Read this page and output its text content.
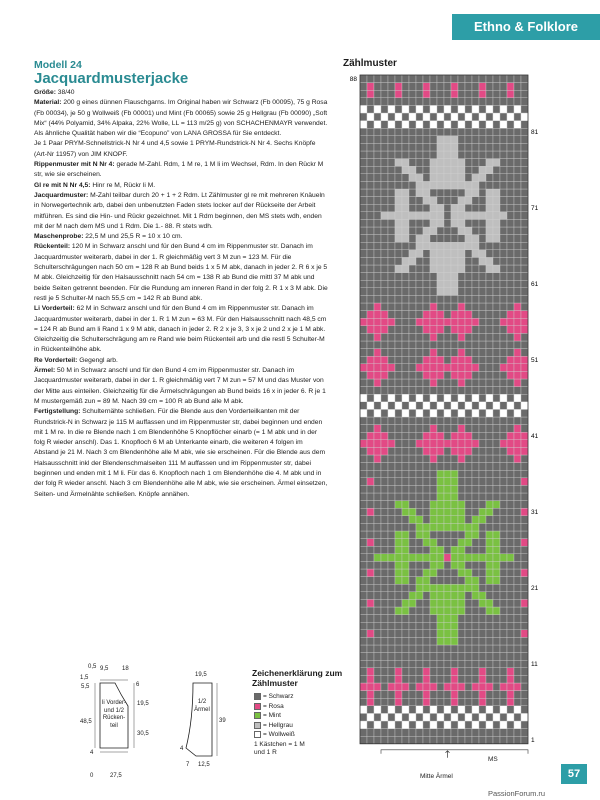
Ethno & Folklore
Modell 24
Jacquardmusterjacke

Größe: 38/40

Material: 200 g eines dünnen Flauschgarns. Im Original haben wir Schwarz (Fb 00095), 75 g Rosa (Fb 00034), je 50 g Wollweiß (Fb 00001) und Mint (Fb 00065) sowie 25 g Hellgrau (Fb 00090) „Soft Mix“ (44% Polyamid, 34% Alpaka, 22% Wolle, LL = 113 m/25 g) von SCHACHENMAYR verwendet. Als ähnliche Qualität haben wir die “Ecopuno” von LANA GROSSA für Sie entdeckt.

Je 1 Paar PRYM-Schnellstrick-N Nr 4 und 4,5 sowie 1 PRYM-Rundstrick-N Nr 4. Sechs Knöpfe (Art-Nr 11957) von JIM KNOPF.

Rippenmuster mit N Nr 4: gerade M-Zahl. Rdm, 1 M re, 1 M li im Wechsel, Rdm. In den Rückr M str, wie sie erscheinen.

Gl re mit N Nr 4,5: Hinr re M, Rückr li M.

Jacquardmuster: M-Zahl teilbar durch 20 + 1 + 2 Rdm. Lt Zählmuster gl re mit mehreren Knäueln in Norwegertechnik arb, dabei den unbenutzten Faden stets locker auf der Rückseite der Arbeit mitführen. Es sind die Hin- und Rückr gezeichnet. Mit 1 Rdm beginnen, den MS stets wdh, enden mit der M nach dem MS und 1 Rdm. Die 1.- 88. R stets wdh.

Maschenprobe: 22,5 M und 25,5 R = 10 x 10 cm.

Rückenteil: 120 M in Schwarz anschl und für den Bund 4 cm im Rippenmuster str. Danach im Jacquardmuster weiterarb, dabei in der 1. R gleichmäßig vert 3 M zun = 123 M. Für die Schulterschrägungen nach 50 cm = 128 R ab Bund beids 1 x 5 M abk, danach in jeder 2. R 6 x je 5 M abk. Gleichzeitig für den Halsausschnitt nach 54 cm = 138 R ab Bund die mittl 37 M abk und beide Seiten getrennt beenden. Für die Rundung am inneren Rand in der folg 2. R 1 x 3 M abk. Die restl je 5 Schulter-M nach 55,5 cm = 142 R ab Bund abk.

Li Vorderteil: 62 M in Schwarz anschl und für den Bund 4 cm im Rippenmuster str. Danach im Jacquardmuster weiterarb, dabei in der 1. R 1 M zun = 63 M. Für den Halsausschnitt nach 48,5 cm = 124 R ab Bund am li Rand 1 x 9 M abk, danach in jeder 2. R 2 x je 3, 3 x je 2 und 2 x je 1 M abk. Gleichzeitig die Schulterschrägung am re Rand wie beim Rückenteil arb und die restl 5 Schulter-M in Rückenteilhöhe abk.

Re Vorderteil: Gegengl arb.

Ärmel: 50 M in Schwarz anschl und für den Bund 4 cm im Rippenmuster str. Danach im Jacquardmuster weiterarb, dabei in der 1. R gleichmäßig vert 7 M zun = 57 M und das Muster von der Mitte aus einteilen. Gleichzeitig für die Ärmelschrägungen ab Bund beids 16 x in jeder 6. R je 1 M mustergemäß zun = 89 M. Nach 39 cm = 100 R ab Bund alle M abk.

Fertigstellung: Schulternähte schließen. Für die Blende aus den Vorderteilkanten mit der Rundstrick-N in Schwarz je 115 M auffassen und im Rippenmuster str, dabei beginnen und enden mit 1 M re. In die re Blende nach 1 cm Blendenhöhe 5 Knopflöcher einarb (= 1 M abk und in der folg R wieder anschl). Das 1. Knopfloch 6 M ab Unterkante einarb, die weiteren 4 folgen im Abstand je 21 M. Nach 3 cm Blendenhöhe alle M abk, wie sie erscheinen. Für die Blende aus dem Halsausschnitt inkl der Blendenschmalseiten 111 M auffassen und im Rippenmuster str, dabei beginnen und enden mit 1 M li. Für das 6. Knopfloch nach 1 cm Blendenhöhe die 4. M abk und in der folg R wieder anschl. Nach 3 cm Blendenhöhe alle M abk, wie sie erscheinen. Ärmel einsetzen, Seiten- und Ärmelnähte schließen. Knöpfe annähen.

0,5 9,5 18
1,5
5,5	6
19,5
48,5
30,5
4
0	27,5
19,5
39
4
7 12,5
li Vorder- und 1/2 Rücken- teil
1/2 Ärmel
Zeichenerklärung zum Zählmuster
= Schwarz
= Rosa
= Mint
= Hellgrau
= Wollweiß
1 Kästchen = 1 M und 1 R
Zählmuster
88
81
71
61
51
41
31
21
11
1
MS
Mitte Ärmel	57
PassionForum.ru
